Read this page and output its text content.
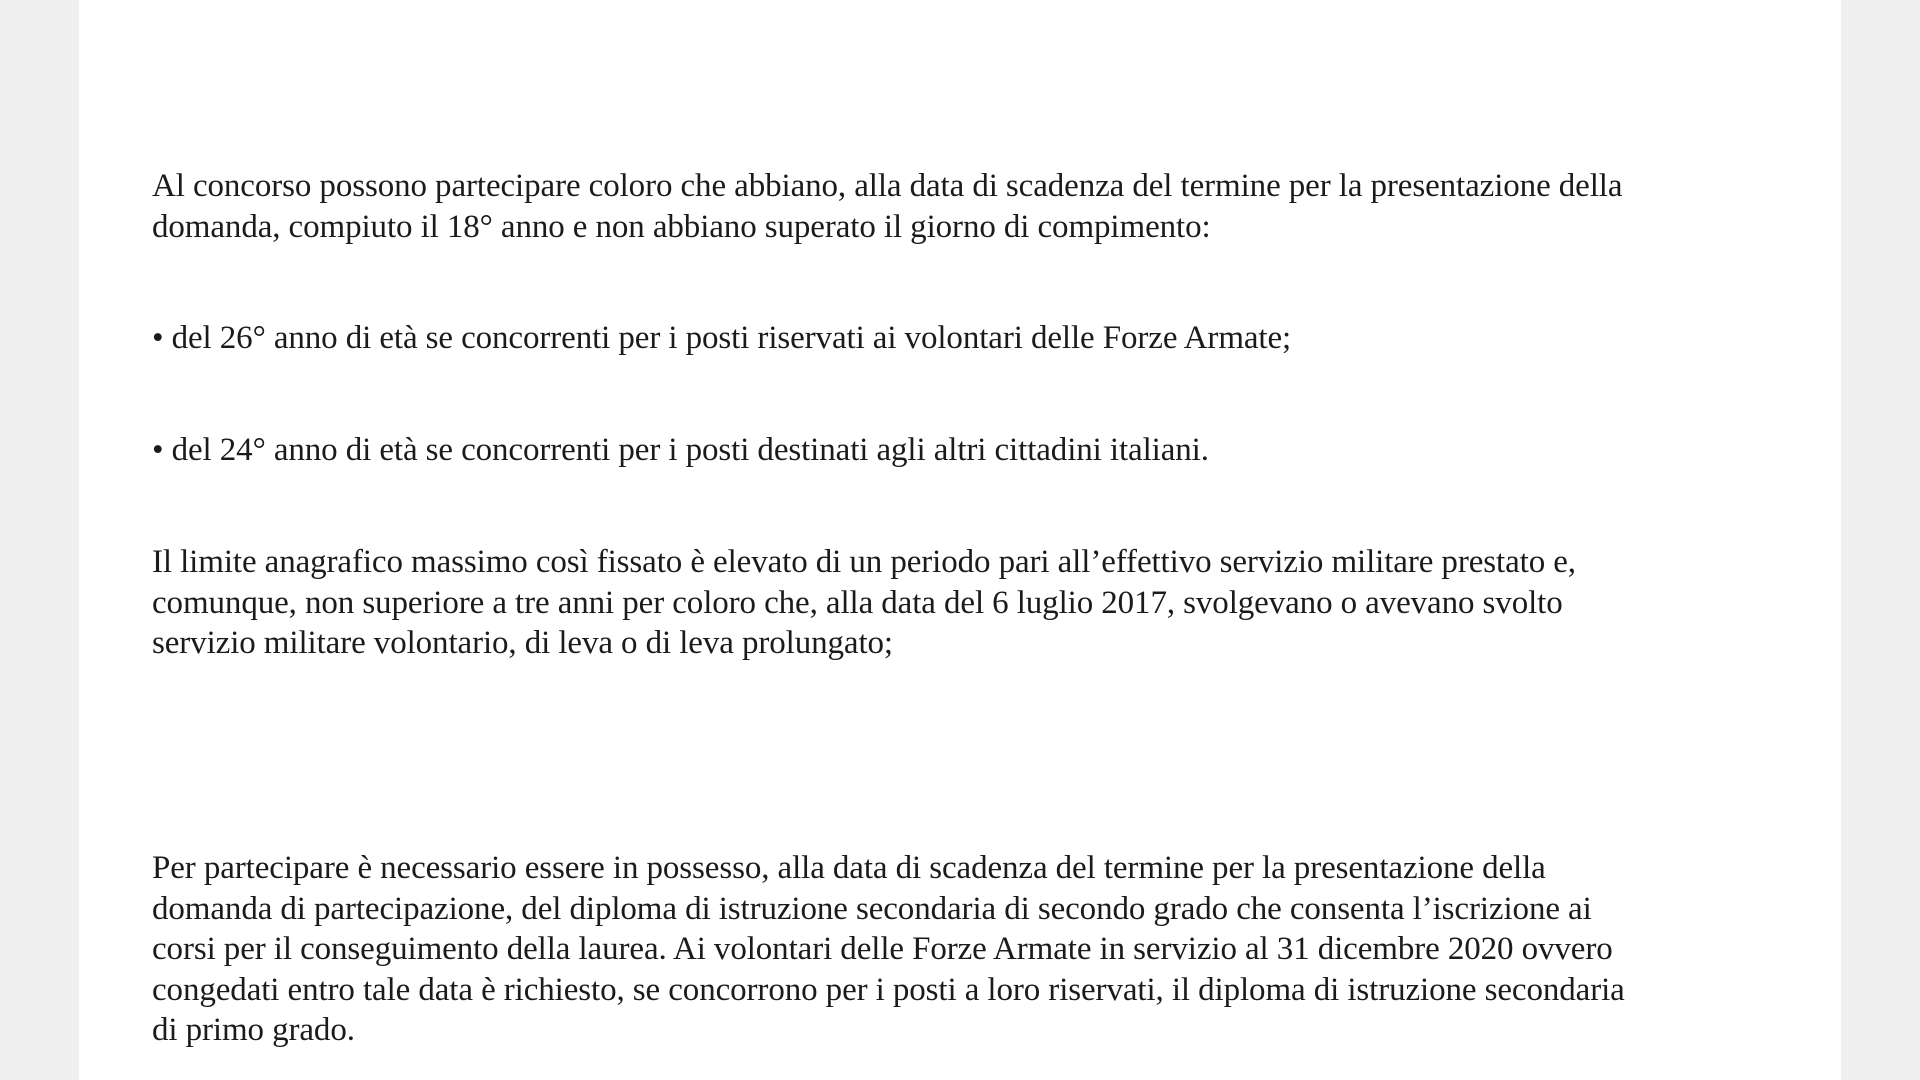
Al concorso possono partecipare coloro che abbiano, alla data di scadenza del termine per la presentazione della
domanda, compiuto il 18° anno e non abbiano superato il giorno di compimento:

• del 26° anno di età se concorrenti per i posti riservati ai volontari delle Forze Armate;

• del 24° anno di età se concorrenti per i posti destinati agli altri cittadini italiani.

Il limite anagrafico massimo così fissato è elevato di un periodo pari all’effettivo servizio militare prestato e,
comunque, non superiore a tre anni per coloro che, alla data del 6 luglio 2017, svolgevano o avevano svolto
servizio militare volontario, di leva o di leva prolungato;

Per partecipare è necessario essere in possesso, alla data di scadenza del termine per la presentazione della
domanda di partecipazione, del diploma di istruzione secondaria di secondo grado che consenta l’iscrizione ai
corsi per il conseguimento della laurea. Ai volontari delle Forze Armate in servizio al 31 dicembre 2020 ovvero
congedati entro tale data è richiesto, se concorrono per i posti a loro riservati, il diploma di istruzione secondaria
di primo grado.
